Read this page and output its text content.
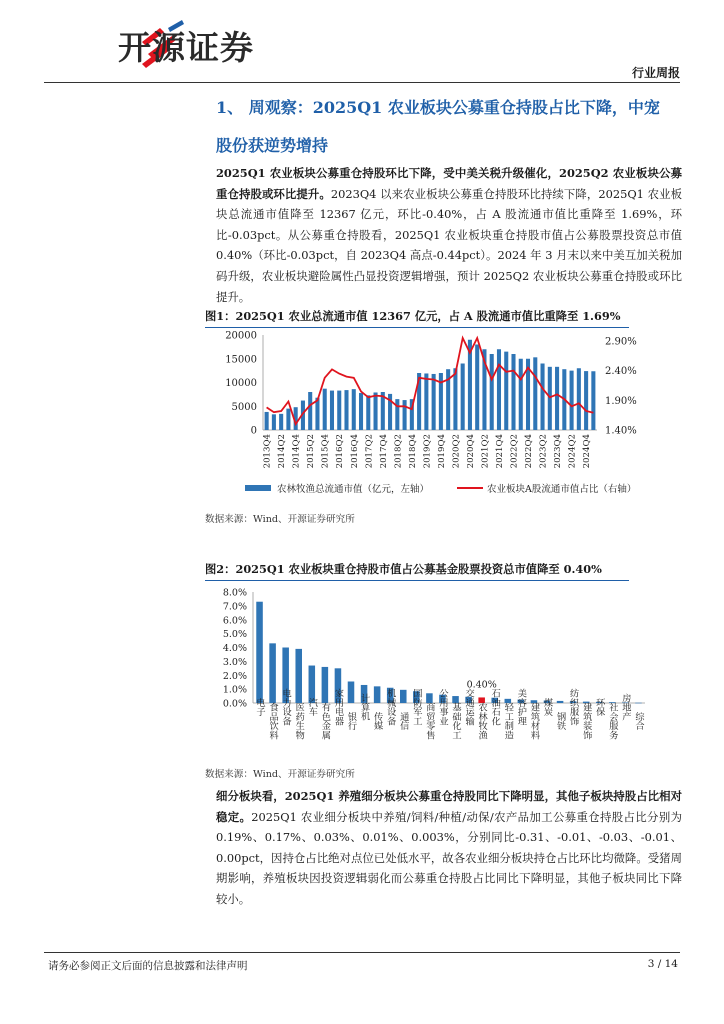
开源证券
行业周报
1、 周观察：2025Q1 农业板块公募重仓持股占比下降，中宠
股份获逆势增持
2025Q1 农业板块公募重仓持股环比下降，受中美关税升级催化，2025Q2 农业板块公募重仓持股或环比提升。2023Q4 以来农业板块公募重仓持股环比持续下降，2025Q1 农业板块总流通市值降至 12367 亿元，环比-0.40%，占 A 股流通市值比重降至 1.69%，环比-0.03pct。从公募重仓持股看，2025Q1 农业板块重仓持股市值占公募股票投资总市值 0.40%（环比-0.03pct，自 2023Q4 高点-0.44pct）。2024 年 3 月末以来中美互加关税加码升级，农业板块避险属性凸显投资逻辑增强，预计 2025Q2 农业板块公募重仓持股或环比提升。
图1：2025Q1 农业总流通市值 12367 亿元，占 A 股流通市值比重降至 1.69%
0
5000
10000
15000
20000
1.40%
1.90%
2.40%
2.90%
2013Q4 2014Q2 2014Q4 2015Q2 2015Q4 2016Q2 2016Q4 2017Q2 2017Q4 2018Q2 2018Q4 2019Q2 2019Q4 2020Q2 2020Q4 2021Q2 2021Q4 2022Q2 2022Q4 2023Q2 2023Q4 2024Q2 2024Q4
农林牧渔总流通市值（亿元，左轴）	农业板块A股流通市值占比（右轴）
数据来源：Wind、开源证券研究所
图2：2025Q1 农业板块重仓持股市值占公募基金股票投资总市值降至 0.40%
0.0%
1.0%
2.0%
3.0%
4.0%
5.0%
6.0%
7.0%
8.0%
0.40%
电子 食品饮料 电力设备 医药生物 汽车 有色金属 家用电器 银行
计算机
传媒 机械设备 通信 国防军工 商贸零售 公用事业 基础化工 交通运输 农林牧渔 石油石化 轻工制造 美容护理 建筑材料 煤炭
钢铁 纺织服饰 建筑装饰 环保 社会服务 房地产
综合
数据来源：Wind、开源证券研究所
细分板块看，2025Q1 养殖细分板块公募重仓持股同比下降明显，其他子板块持股占比相对稳定。2025Q1 农业细分板块中养殖/饲料/种植/动保/农产品加工公募重仓持股占比分别为 0.19%、0.17%、0.03%、0.01%、0.003%，分别同比-0.31、-0.01、-0.03、-0.01、0.00pct，因持仓占比绝对点位已处低水平，故各农业细分板块持仓占比环比均微降。受猪周期影响，养殖板块因投资逻辑弱化而公募重仓持股占比同比下降明显，其他子板块同比下降较小。
请务必参阅正文后面的信息披露和法律声明	3 / 14
